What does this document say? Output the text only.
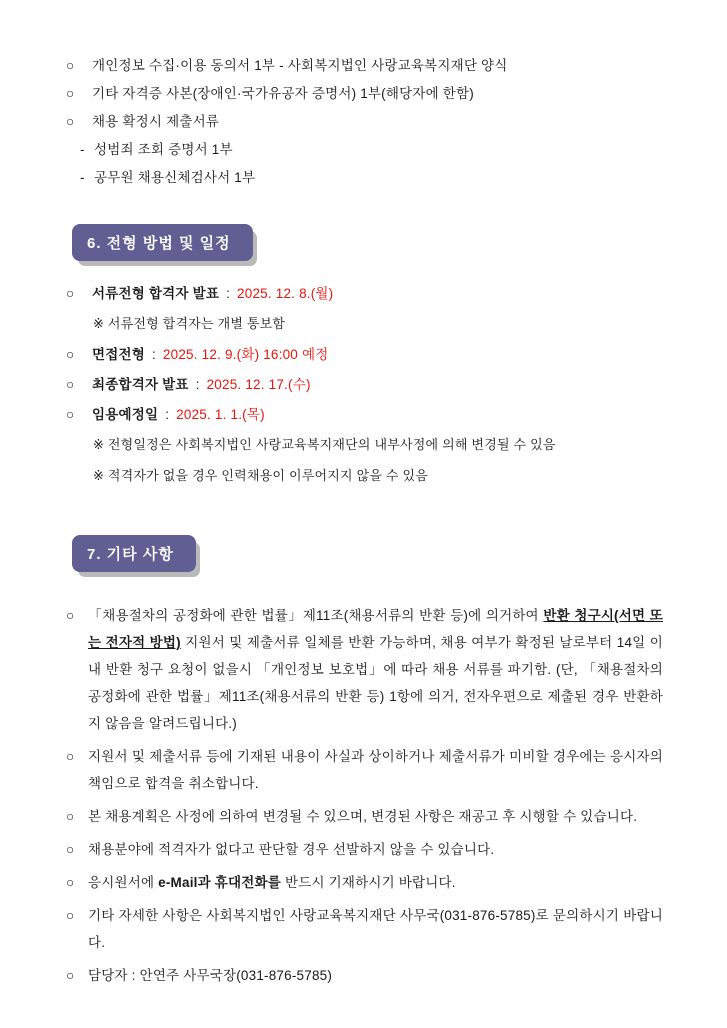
○	개인정보 수집·이용 동의서 1부 - 사회복지법인 사랑교육복지재단 양식
○	기타 자격증 사본(장애인·국가유공자 증명서) 1부(해당자에 한함)
○	채용 확정시 제출서류
- 성범죄 조회 증명서 1부
- 공무원 채용신체검사서 1부
6. 전형 방법 및 일정
○	서류전형 합격자 발표 : 2025. 12. 8.(월)
※ 서류전형 합격자는 개별 통보함
○	면접전형 : 2025. 12. 9.(화) 16:00 예정
○	최종합격자 발표 : 2025. 12. 17.(수)
○	임용예정일 : 2025. 1. 1.(목)
※ 전형일정은 사회복지법인 사랑교육복지재단의 내부사정에 의해 변경될 수 있음
※ 적격자가 없을 경우 인력채용이 이루어지지 않을 수 있음
7. 기타 사항
○	「채용절차의 공정화에 관한 법률」제11조(채용서류의 반환 등)에 의거하여 반환 청구시(서면 또는 전자적 방법) 지원서 및 제출서류 일체를 반환 가능하며, 채용 여부가 확정된 날로부터 14일 이내 반환 청구 요청이 없을시 「개인정보 보호법」에 따라 채용 서류를 파기함. (단, 「채용절차의 공정화에 관한 법률」제11조(채용서류의 반환 등) 1항에 의거, 전자우편으로 제출된 경우 반환하지 않음을 알려드립니다.)
○	지원서 및 제출서류 등에 기재된 내용이 사실과 상이하거나 제출서류가 미비할 경우에는 응시자의 책임으로 합격을 취소합니다.
○	본 채용계획은 사정에 의하여 변경될 수 있으며, 변경된 사항은 재공고 후 시행할 수 있습니다.
○	채용분야에 적격자가 없다고 판단할 경우 선발하지 않을 수 있습니다.
○	응시원서에 e-Mail과 휴대전화를 반드시 기재하시기 바랍니다.
○	기타 자세한 사항은 사회복지법인 사랑교육복지재단 사무국(031-876-5785)로 문의하시기 바랍니다.
○	담당자 : 안연주 사무국장(031-876-5785)
